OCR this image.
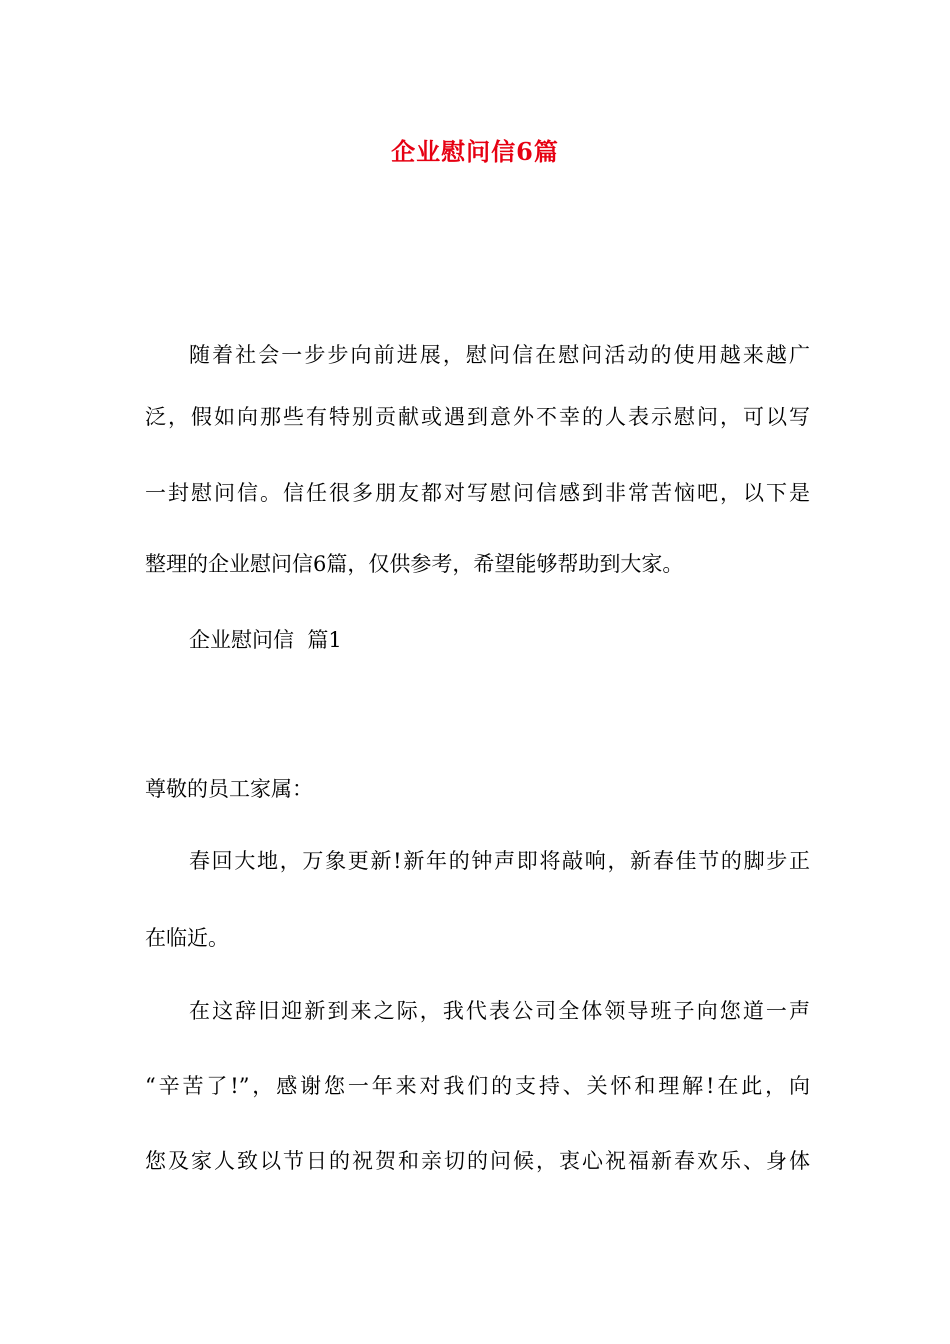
企业慰问信6篇
随着社会一步步向前进展，慰问信在慰问活动的使用越来越广
泛，假如向那些有特别贡献或遇到意外不幸的人表示慰问，可以写
一封慰问信。信任很多朋友都对写慰问信感到非常苦恼吧，以下是
整理的企业慰问信6篇，仅供参考，希望能够帮助到大家。
企业慰问信  篇1
尊敬的员工家属：
春回大地，万象更新!新年的钟声即将敲响，新春佳节的脚步正
在临近。
在这辞旧迎新到来之际，我代表公司全体领导班子向您道一声
“辛苦了!”，感谢您一年来对我们的支持、关怀和理解!在此，向
您及家人致以节日的祝贺和亲切的问候，衷心祝福新春欢乐、身体
